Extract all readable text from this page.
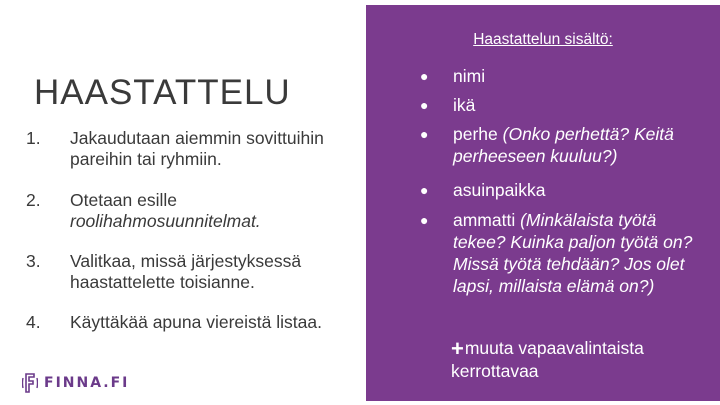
HAASTATTELU
1.	Jakaudutaan aiemmin sovittuihin pareihin tai ryhmiin.
2.	Otetaan esille roolihahmosuunnitelmat.
3.	Valitkaa, missä järjestyksessä haastattelette toisianne.
4.	Käyttäkää apuna viereistä listaa.
FINNA.FI
Haastattelun sisältö:
● nimi
● ikä
● perhe (Onko perhettä? Keitä perheeseen kuuluu?)
● asuinpaikka
● ammatti (Minkälaista työtä tekee? Kuinka paljon työtä on? Missä työtä tehdään? Jos olet lapsi, millaista elämä on?)
+muuta vapaavalintaista kerrottavaa
